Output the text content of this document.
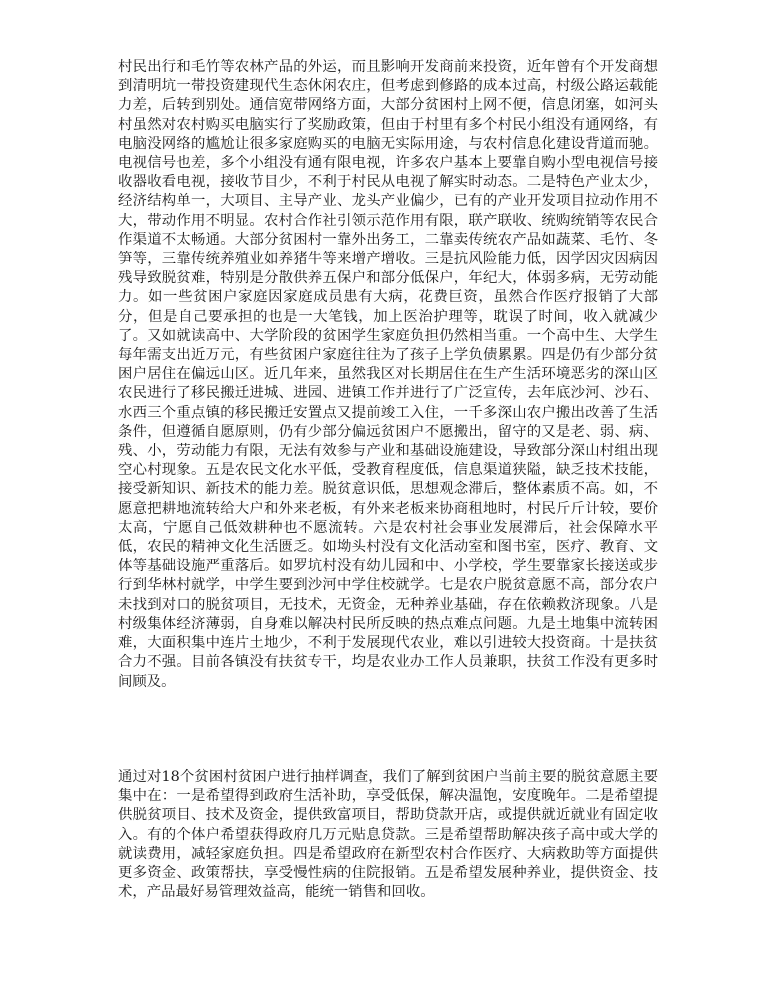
村民出行和毛竹等农林产品的外运，而且影响开发商前来投资，近年曾有个开发商想到清明坑一带投资建现代生态休闲农庄，但考虑到修路的成本过高，村级公路运载能力差，后转到别处。通信宽带网络方面，大部分贫困村上网不便，信息闭塞，如河头村虽然对农村购买电脑实行了奖励政策，但由于村里有多个村民小组没有通网络，有电脑没网络的尴尬让很多家庭购买的电脑无实际用途，与农村信息化建设背道而驰。电视信号也差，多个小组没有通有限电视，许多农户基本上要靠自购小型电视信号接收器收看电视，接收节目少，不利于村民从电视了解实时动态。二是特色产业太少，经济结构单一，大项目、主导产业、龙头产业偏少，已有的产业开发项目拉动作用不大，带动作用不明显。农村合作社引领示范作用有限，联产联收、统购统销等农民合作渠道不太畅通。大部分贫困村一靠外出务工，二靠卖传统农产品如蔬菜、毛竹、冬笋等，三靠传统养殖业如养猪牛等来增产增收。三是抗风险能力低，因学因灾因病因残导致脱贫难，特别是分散供养五保户和部分低保户，年纪大，体弱多病，无劳动能力。如一些贫困户家庭因家庭成员患有大病，花费巨资，虽然合作医疗报销了大部分，但是自己要承担的也是一大笔钱，加上医治护理等，耽误了时间，收入就减少了。又如就读高中、大学阶段的贫困学生家庭负担仍然相当重。一个高中生、大学生每年需支出近万元，有些贫困户家庭往往为了孩子上学负债累累。四是仍有少部分贫困户居住在偏远山区。近几年来，虽然我区对长期居住在生产生活环境恶劣的深山区农民进行了移民搬迁进城、进园、进镇工作并进行了广泛宣传，去年底沙河、沙石、水西三个重点镇的移民搬迁安置点又提前竣工入住，一千多深山农户搬出改善了生活条件，但遵循自愿原则，仍有少部分偏远贫困户不愿搬出，留守的又是老、弱、病、残、小，劳动能力有限，无法有效参与产业和基础设施建设，导致部分深山村组出现空心村现象。五是农民文化水平低，受教育程度低，信息渠道狭隘，缺乏技术技能，接受新知识、新技术的能力差。脱贫意识低，思想观念滞后，整体素质不高。如，不愿意把耕地流转给大户和外来老板，有外来老板来协商租地时，村民斤斤计较，要价太高，宁愿自己低效耕种也不愿流转。六是农村社会事业发展滞后，社会保障水平低，农民的精神文化生活匮乏。如坳头村没有文化活动室和图书室，医疗、教育、文体等基础设施严重落后。如罗坑村没有幼儿园和中、小学校，学生要靠家长接送或步行到华林村就学，中学生要到沙河中学住校就学。七是农户脱贫意愿不高，部分农户未找到对口的脱贫项目，无技术，无资金，无种养业基础，存在依赖救济现象。八是村级集体经济薄弱，自身难以解决村民所反映的热点难点问题。九是土地集中流转困难，大面积集中连片土地少，不利于发展现代农业，难以引进较大投资商。十是扶贫合力不强。目前各镇没有扶贫专干，均是农业办工作人员兼职，扶贫工作没有更多时间顾及。

通过对18个贫困村贫困户进行抽样调查，我们了解到贫困户当前主要的脱贫意愿主要集中在：一是希望得到政府生活补助，享受低保，解决温饱，安度晚年。二是希望提供脱贫项目、技术及资金，提供致富项目，帮助贷款开店，或提供就近就业有固定收入。有的个体户希望获得政府几万元贴息贷款。三是希望帮助解决孩子高中或大学的就读费用，减轻家庭负担。四是希望政府在新型农村合作医疗、大病救助等方面提供更多资金、政策帮扶，享受慢性病的住院报销。五是希望发展种养业，提供资金、技术，产品最好易管理效益高，能统一销售和回收。
